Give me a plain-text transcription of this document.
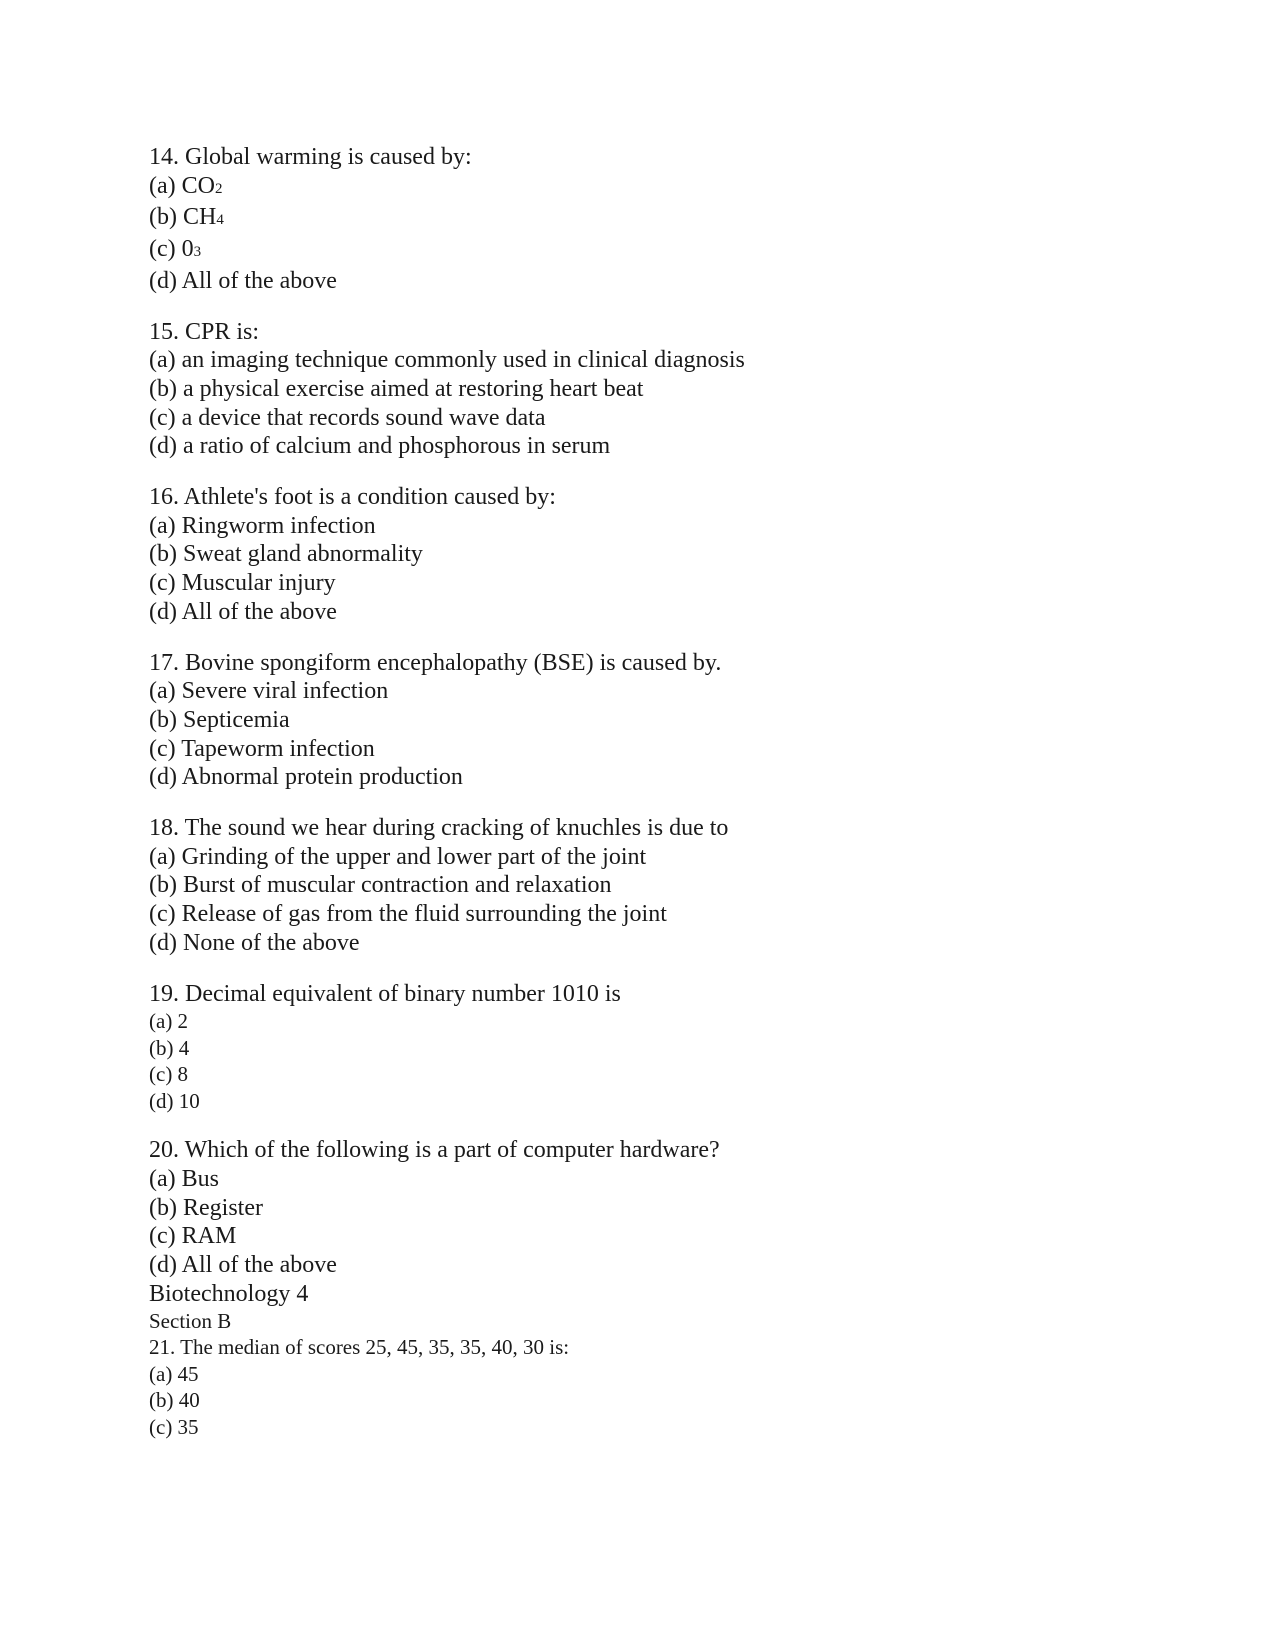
14. Global warming is caused by:
(a) CO2
(b) CH4
(c) 03
(d) All of the above
15. CPR is:
(a) an imaging technique commonly used in clinical diagnosis
(b) a physical exercise aimed at restoring heart beat
(c) a device that records sound wave data
(d) a ratio of calcium and phosphorous in serum
16. Athlete's foot is a condition caused by:
(a) Ringworm infection
(b) Sweat gland abnormality
(c) Muscular injury
(d) All of the above
17. Bovine spongiform encephalopathy (BSE) is caused by.
(a) Severe viral infection
(b) Septicemia
(c) Tapeworm infection
(d) Abnormal protein production
18. The sound we hear during cracking of knuchles is due to
(a) Grinding of the upper and lower part of the joint
(b) Burst of muscular contraction and relaxation
(c) Release of gas from the fluid surrounding the joint
(d) None of the above
19. Decimal equivalent of binary number 1010 is
(a) 2
(b) 4
(c) 8
(d) 10
20. Which of the following is a part of computer hardware?
(a) Bus
(b) Register
(c) RAM
(d) All of the above
Biotechnology 4
Section B
21. The median of scores 25, 45, 35, 35, 40, 30 is:
(a) 45
(b) 40
(c) 35
